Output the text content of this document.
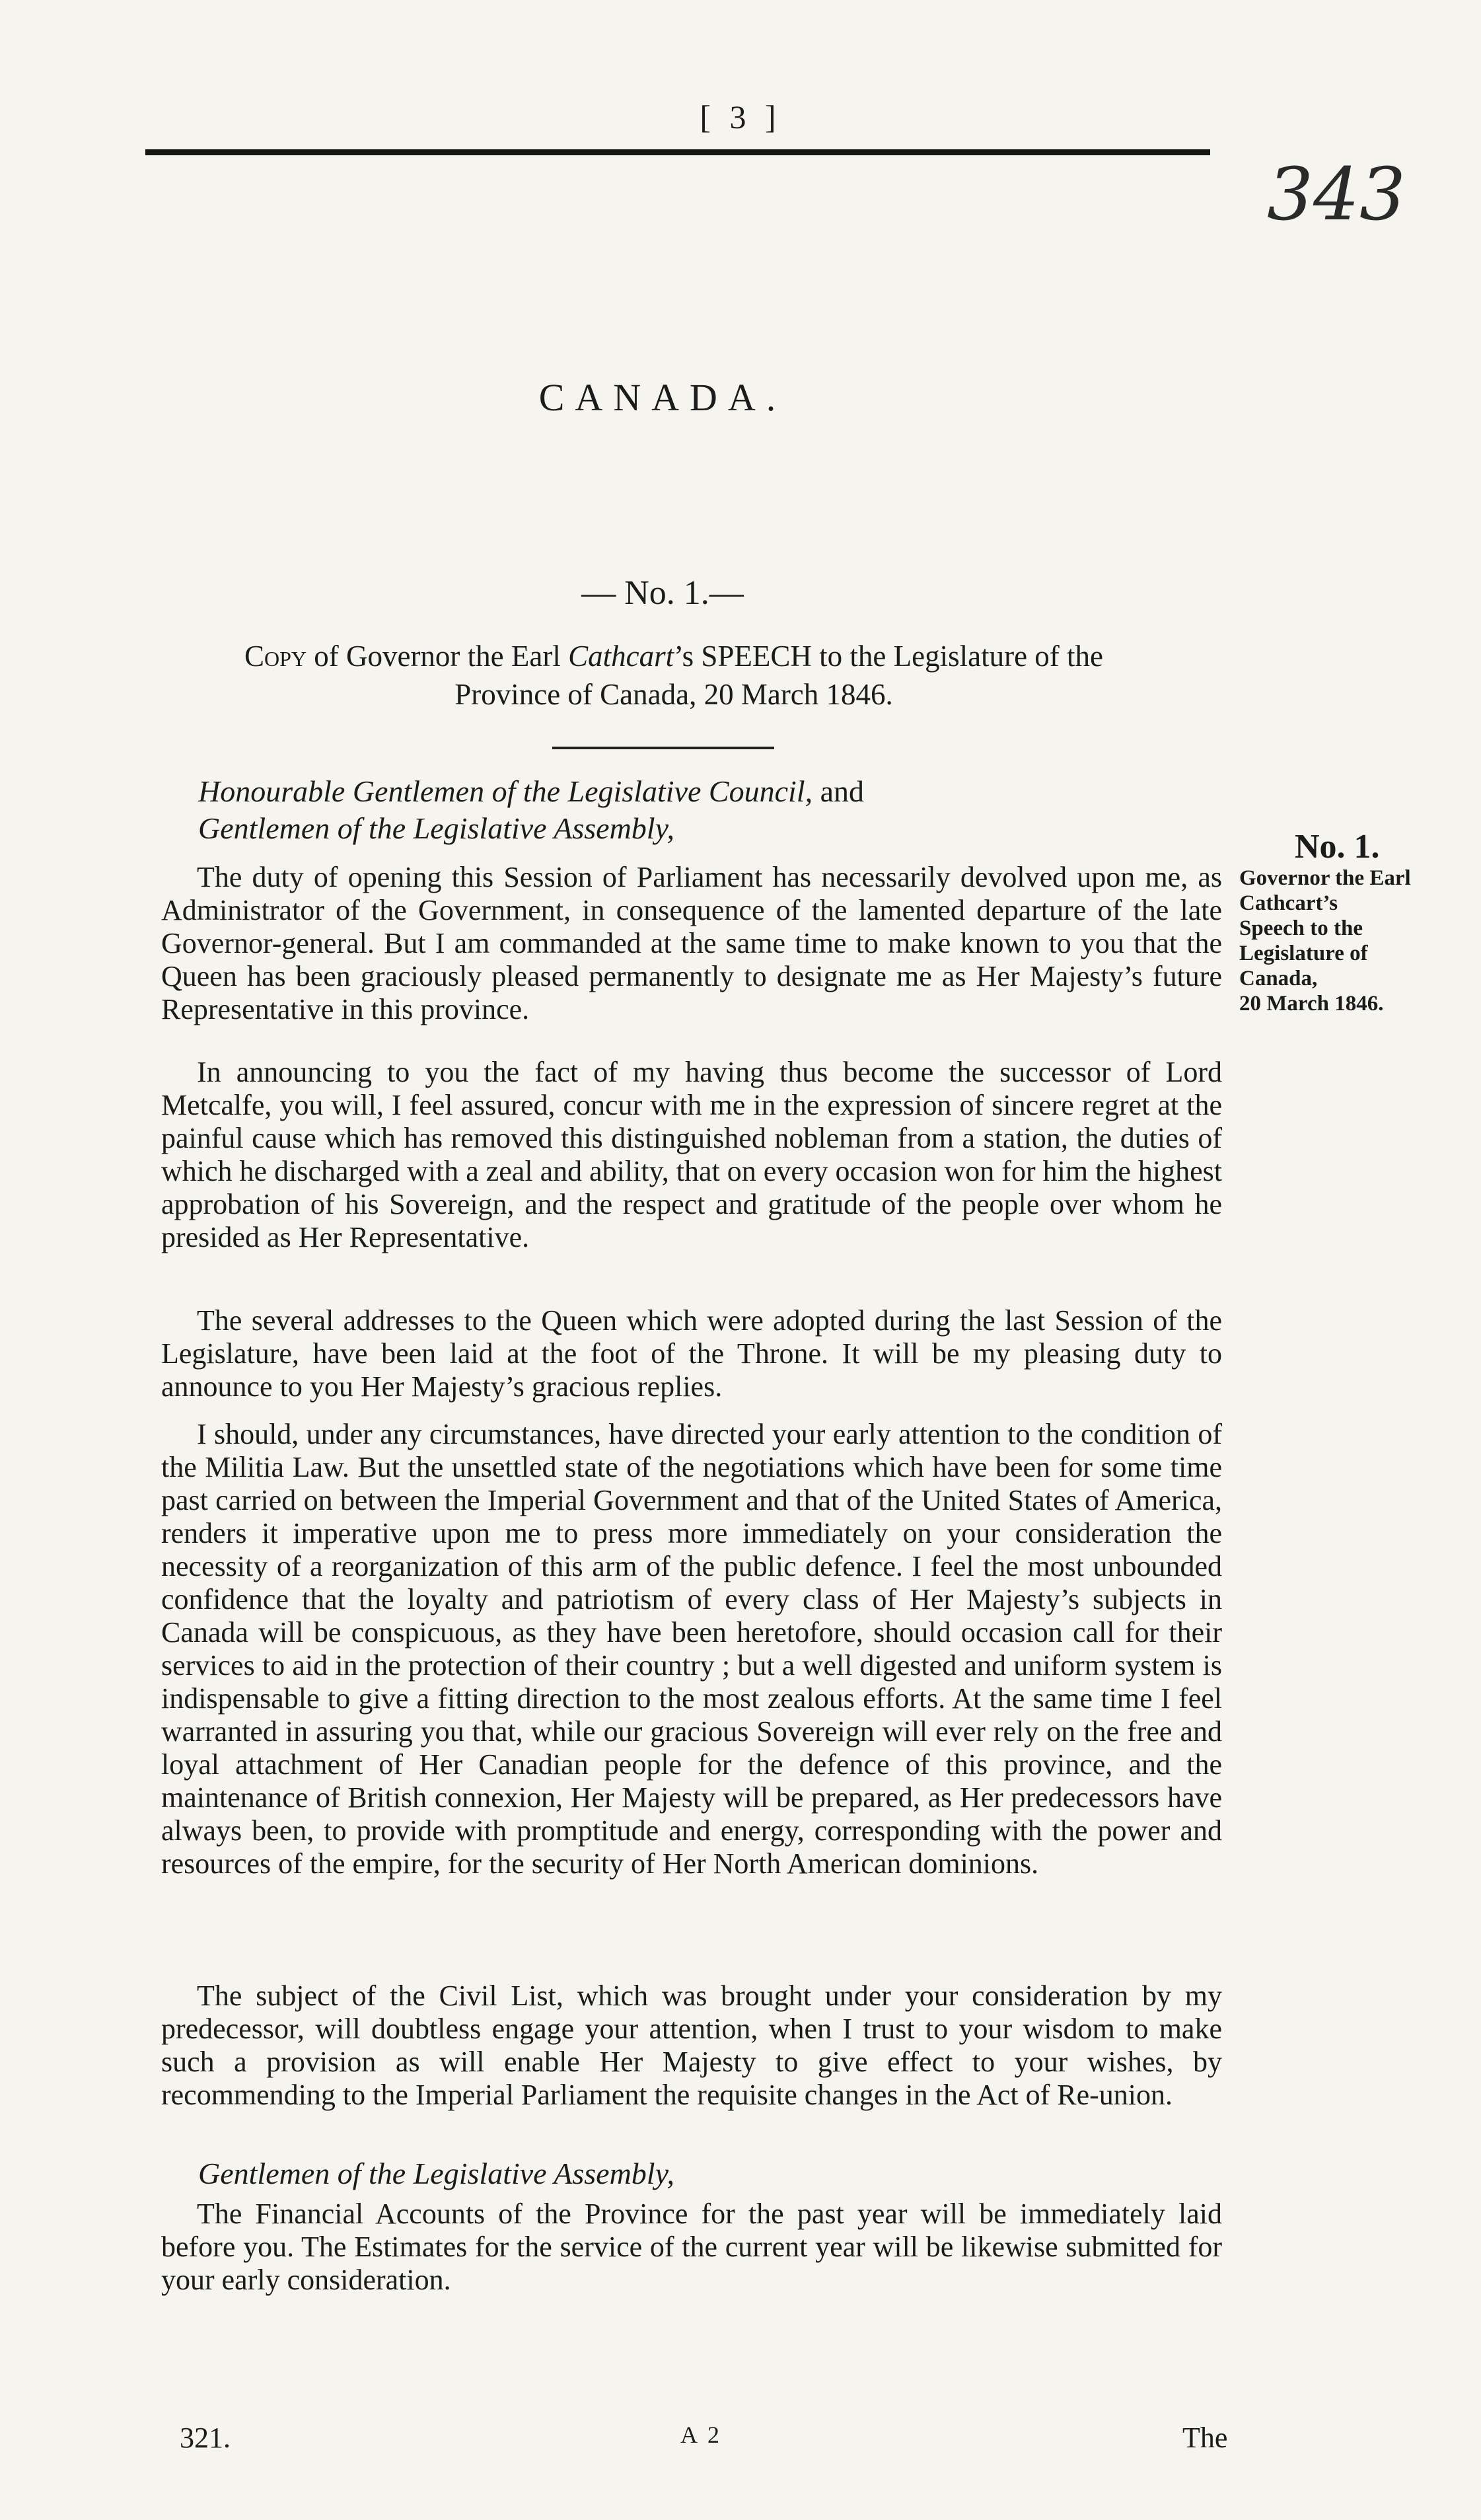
[ 3 ]
343
CANADA.
— No. 1.—
Copy of Governor the Earl Cathcart’s SPEECH to the Legislature of the
Province of Canada, 20 March 1846.
Honourable Gentlemen of the Legislative Council, and
Gentlemen of the Legislative Assembly,	No. 1.
Governor the Earl
Cathcart’s
Speech to the
Legislature of
Canada,
20 March 1846.

The duty of opening this Session of Parliament has necessarily devolved upon me, as Administrator of the Government, in consequence of the lamented departure of the late Governor-general. But I am commanded at the same time to make known to you that the Queen has been graciously pleased permanently to designate me as Her Majesty’s future Representative in this province.

In announcing to you the fact of my having thus become the successor of Lord Metcalfe, you will, I feel assured, concur with me in the expression of sincere regret at the painful cause which has removed this distinguished nobleman from a station, the duties of which he discharged with a zeal and ability, that on every occasion won for him the highest approbation of his Sovereign, and the respect and gratitude of the people over whom he presided as Her Representative.

The several addresses to the Queen which were adopted during the last Session of the Legislature, have been laid at the foot of the Throne. It will be my pleasing duty to announce to you Her Majesty’s gracious replies.

I should, under any circumstances, have directed your early attention to the condition of the Militia Law. But the unsettled state of the negotiations which have been for some time past carried on between the Imperial Government and that of the United States of America, renders it imperative upon me to press more immediately on your consideration the necessity of a reorganization of this arm of the public defence. I feel the most unbounded confidence that the loyalty and patriotism of every class of Her Majesty’s subjects in Canada will be conspicuous, as they have been heretofore, should occasion call for their services to aid in the protection of their country ; but a well digested and uniform system is indispensable to give a fitting direction to the most zealous efforts. At the same time I feel warranted in assuring you that, while our gracious Sovereign will ever rely on the free and loyal attachment of Her Canadian people for the defence of this province, and the maintenance of British connexion, Her Majesty will be prepared, as Her predecessors have always been, to provide with promptitude and energy, corresponding with the power and resources of the empire, for the security of Her North American dominions.

The subject of the Civil List, which was brought under your consideration by my predecessor, will doubtless engage your attention, when I trust to your wisdom to make such a provision as will enable Her Majesty to give effect to your wishes, by recommending to the Imperial Parliament the requisite changes in the Act of Re-union.

Gentlemen of the Legislative Assembly,

The Financial Accounts of the Province for the past year will be immediately laid before you. The Estimates for the service of the current year will be likewise submitted for your early consideration.

321.	A 2	The
